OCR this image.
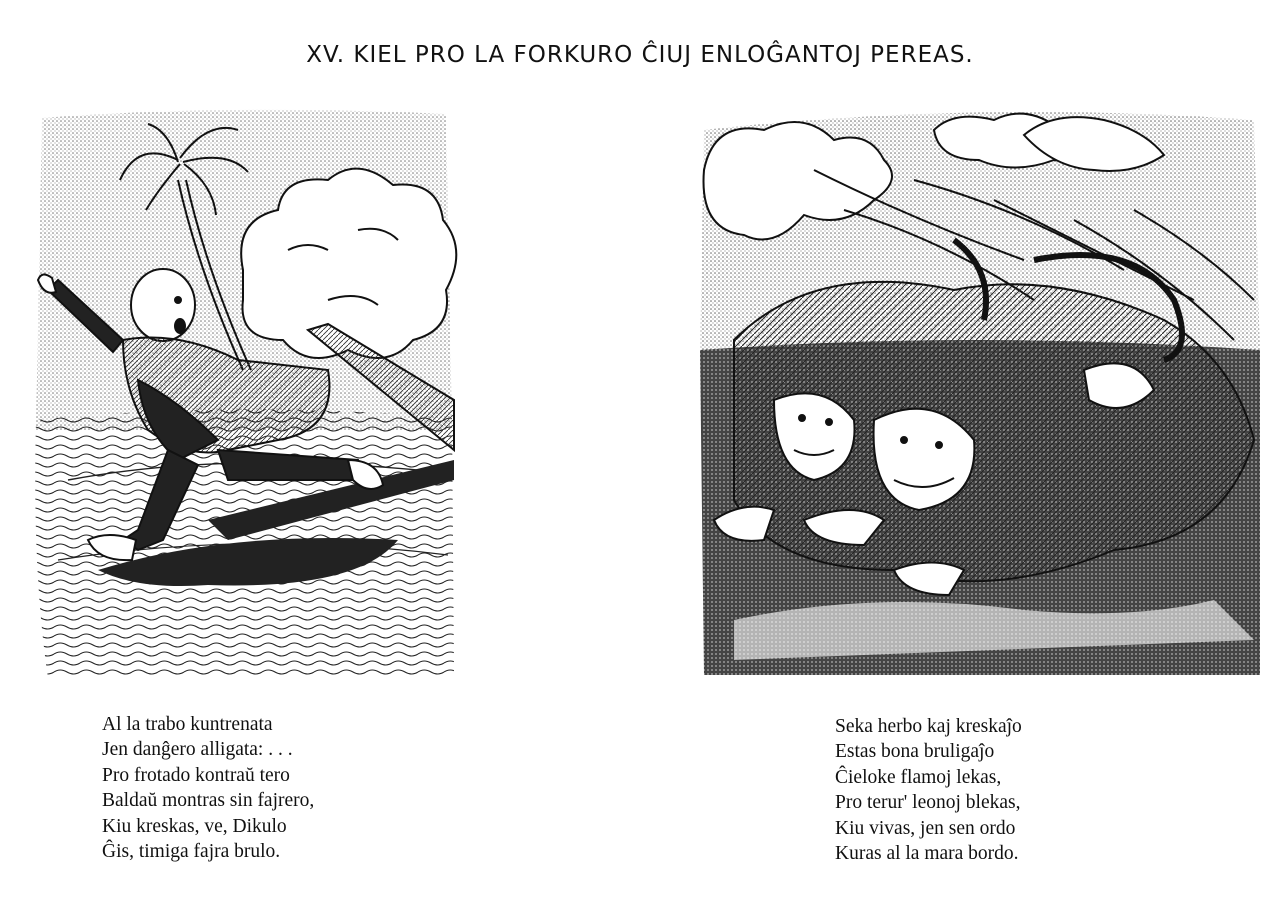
XV. KIEL PRO LA FORKURO ĈIUJ ENLOĜANTOJ PEREAS.
Al la trabo kuntrenata
Jen danĝero alligata: . . .
Pro frotado kontraŭ tero
Baldaŭ montras sin fajrero,
Kiu kreskas, ve, Dikulo
Ĝis, timiga fajra brulo.
Seka herbo kaj kreskaĵo
Estas bona bruligaĵo
Ĉieloke flamoj lekas,
Pro terur' leonoj blekas,
Kiu vivas, jen sen ordo
Kuras al la mara bordo.
